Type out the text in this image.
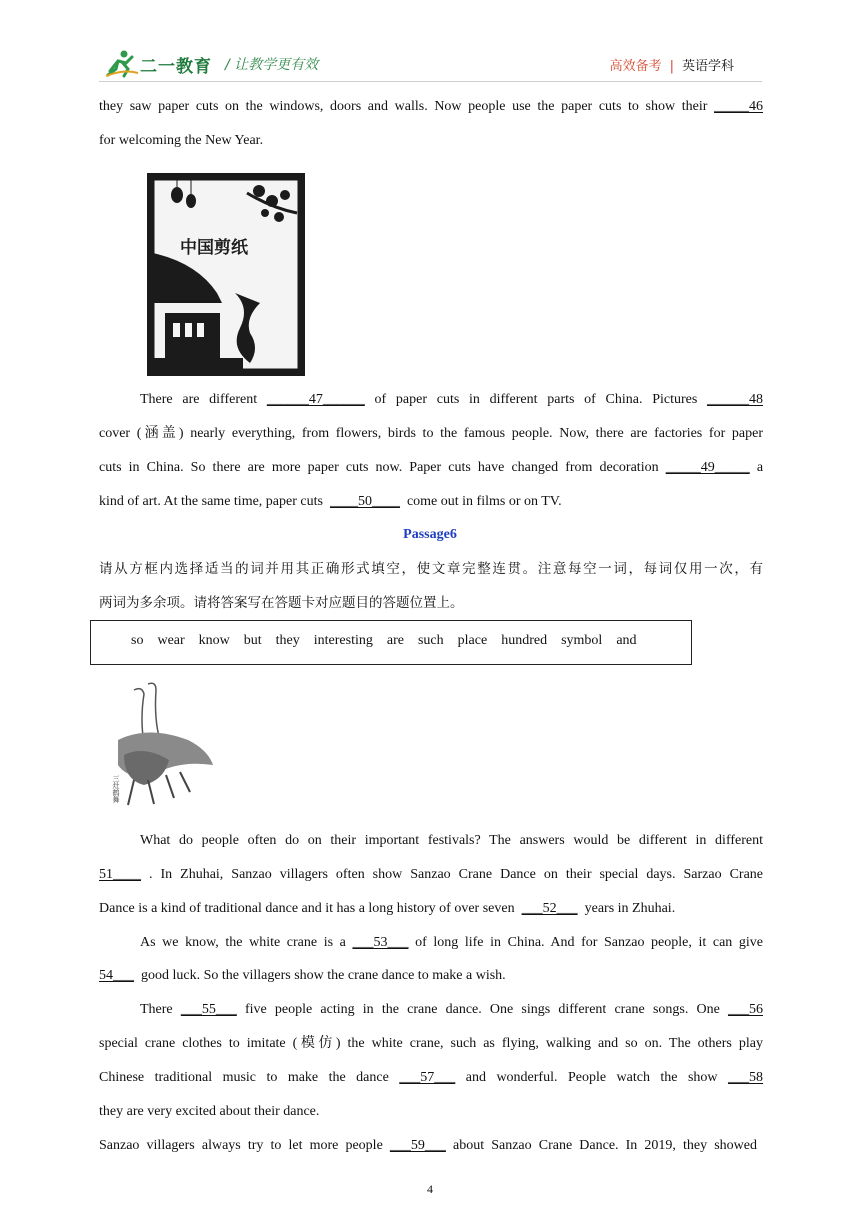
二一教育 / 让教学更有效	高效备考 | 英语学科
they saw paper cuts on the windows, doors and walls. Now people use the paper cuts to show their _____46
for welcoming the New Year.
中国剪纸
There are different ______47______ of paper cuts in different parts of China. Pictures ______48
cover (涵盖) nearly everything, from flowers, birds to the famous people. Now, there are factories for paper
cuts in China. So there are more paper cuts now. Paper cuts have changed from decoration _____49_____ a
kind of art. At the same time, paper cuts ____50____ come out in films or on TV.
Passage6
请从方框内选择适当的词并用其正确形式填空，使文章完整连贯。注意每空一词，每词仅用一次，有
两词为多余项。请将答案写在答题卡对应题目的答题位置上。
so wear know but they interesting are such place hundred symbol and
三灶鹤舞
What do people often do on their important festivals? The answers would be different in different
51____ . In Zhuhai, Sanzao villagers often show Sanzao Crane Dance on their special days. Sarzao Crane
Dance is a kind of traditional dance and it has a long history of over seven ___52___ years in Zhuhai.
As we know, the white crane is a ___53___ of long life in China. And for Sanzao people, it can give
54___ good luck. So the villagers show the crane dance to make a wish.
There ___55___ five people acting in the crane dance. One sings different crane songs. One ___56
special crane clothes to imitate (模仿) the white crane, such as flying, walking and so on. The others play
Chinese traditional music to make the dance ___57___ and wonderful. People watch the show ___58
they are very excited about their dance.
Sanzao villagers always try to let more people ___59___ about Sanzao Crane Dance. In 2019, they showed
4
